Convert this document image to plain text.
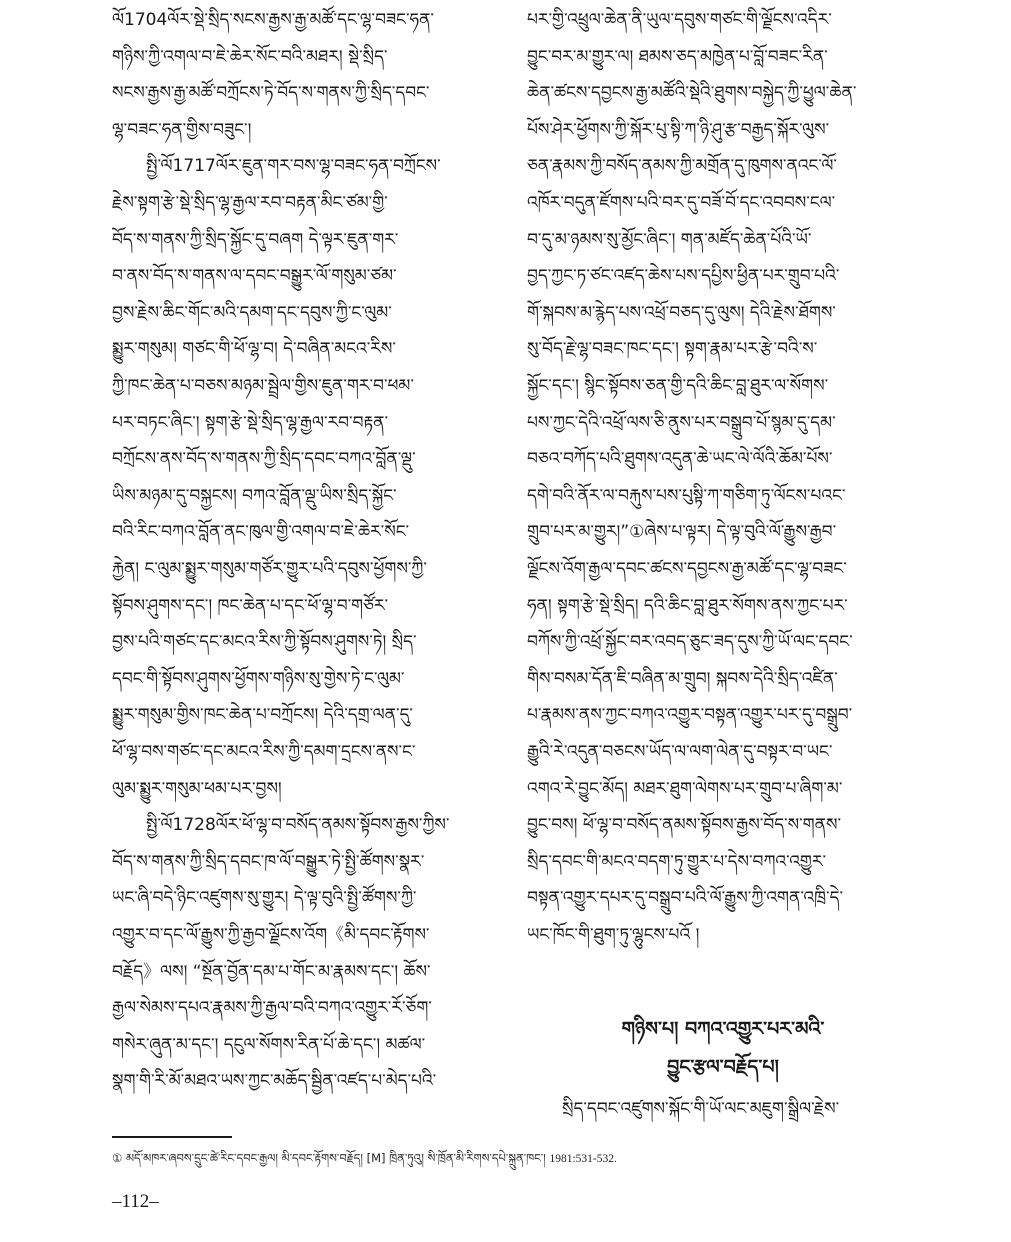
ལོ1704ལོར་སྡེ་སྲིད་སངས་རྒྱས་རྒྱ་མཚོ་དང་ལྷ་བཟང་ཧན་
གཉིས་ཀྱི་འགལ་བ་ཇེ་ཆེར་སོང་བའི་མཐར། སྡེ་སྲིད་
སངས་རྒྱས་རྒྱ་མཚོ་བཀྲོངས་ཏེ་བོད་ས་གནས་ཀྱི་སྲིད་དབང་
ལྷ་བཟང་ཧན་གྱིས་བཟུང་།
སྤྱི་ལོ1717ལོར་ཇུན་གར་བས་ལྷ་བཟང་ཧན་བཀྲོངས་
རྗེས་སྟག་རྩེ་སྡེ་སྲིད་ལྷ་རྒྱལ་རབ་བརྟན་མིང་ཙམ་གྱི་
བོད་ས་གནས་ཀྱི་སྲིད་སྐྱོང་དུ་བཞག དེ་ལྟར་ཇུན་གར་
བ་ནས་བོད་ས་གནས་ལ་དབང་བསྒྱུར་ལོ་གསུམ་ཙམ་
བྱས་རྗེས་ཆིང་གོང་མའི་དམག་དང་དབུས་ཀྱི་ང་ལུམ་
སྨྱུར་གསུམ། གཙང་གི་ཕོ་ལྷ་བ། དེ་བཞིན་མངའ་རིས་
ཀྱི་ཁང་ཆེན་པ་བཅས་མཉམ་སྦྲེལ་གྱིས་ཇུན་གར་བ་ཕམ་
པར་བཏང་ཞིང་། སྟག་རྩེ་སྡེ་སྲིད་ལྷ་རྒྱལ་རབ་བརྟན་
བཀྲོངས་ནས་བོད་ས་གནས་ཀྱི་སྲིད་དབང་བཀའ་བློན་ལྡུ་
ཡིས་མཉམ་དུ་བསྐྱངས། བཀའ་བློན་ལྡུ་ཡིས་སྲིད་སྐྱོང་
བའི་རིང་བཀའ་བློན་ནང་ཁུལ་གྱི་འགལ་བ་ཇེ་ཆེར་སོང་
རྐྱེན། ང་ལུམ་སྨྱུར་གསུམ་གཙོར་གྱུར་པའི་དབུས་ཕྱོགས་ཀྱི་
སྟོབས་ཤུགས་དང་། ཁང་ཆེན་པ་དང་ཕོ་ལྷ་བ་གཙོར་
བྱས་པའི་གཙང་དང་མངའ་རིས་ཀྱི་སྟོབས་ཤུགས་ཏེ། སྲིད་
དབང་གི་སྟོབས་ཤུགས་ཕྱོགས་གཉིས་སུ་གྱེས་ཏེ་ང་ལུམ་
སྨྱུར་གསུམ་གྱིས་ཁང་ཆེན་པ་བཀྲོངས། དེའི་དགྲ་ལན་དུ་
ཕོ་ལྷ་བས་གཙང་དང་མངའ་རིས་ཀྱི་དམག་དྲངས་ནས་ང་
ལུམ་སྨྱུར་གསུམ་ཕམ་པར་བྱས།
སྤྱི་ལོ1728ལོར་ཕོ་ལྷ་བ་བསོད་ནམས་སྟོབས་རྒྱས་ཀྱིས་
བོད་ས་གནས་ཀྱི་སྲིད་དབང་ཁ་ལོ་བསྒྱུར་ཏེ་སྤྱི་ཚོགས་སྣར་
ཡང་ཞི་བདེ་ཉིང་འཛུགས་སུ་གྱུར། དེ་ལྟ་བུའི་སྤྱི་ཚོགས་ཀྱི་
འགྱུར་བ་དང་ལོ་རྒྱུས་ཀྱི་རྒྱབ་ལྗོངས་འོག《མི་དབང་རྟོགས་
བརྗོད》ལས། “སྔོན་བྱོན་དམ་པ་གོང་མ་རྣམས་དང་། ཆོས་
རྒྱལ་སེམས་དཔའ་རྣམས་ཀྱི་རྒྱལ་བའི་བཀའ་འགྱུར་རོ་ཅོག་
གསེར་ཞུན་མ་དང་། དངུལ་སོགས་རིན་པོ་ཆེ་དང་། མཚལ་
སྣག་གི་རི་མོ་མཐའ་ཡས་ཀྱང་མཆོད་སྦྱིན་འཛད་པ་མེད་པའི་
པར་གྱི་འཕྲུལ་ཆེན་ནི་ཡུལ་དབུས་གཙང་གི་ལྗོངས་འདིར་
བྱུང་བར་མ་གྱུར་ལ། ཐམས་ཅད་མཁྱེན་པ་བློ་བཟང་རིན་
ཆེན་ཚངས་དབྱངས་རྒྱ་མཚོའི་སྡེའི་ཐུགས་བསྐྱེད་ཀྱི་ཕྱུལ་ཆེན་
པོས་ཤེར་ཕྱོགས་ཀྱི་སྐོར་པུ་སྟི་ཀ་ཉི་ཤུ་རྩ་བརྒྱད་སྐོར་ལུས་
ཅན་རྣམས་ཀྱི་བསོད་ནམས་ཀྱི་མགྲོན་དུ་ཁུགས་ནའང་ལོ་
འཁོར་བདུན་ཛོགས་པའི་བར་དུ་བཟོ་བོ་དང་འབབས་ངལ་
བ་དུ་མ་ཉམས་སུ་མྱོང་ཞིང་། གན་མཛོད་ཆེན་པོའི་ཡོ་
བྱད་ཀྱང་ཏ་ཙང་འཛད་ཆེས་པས་དཔྱིས་ཕྱིན་པར་གྲུབ་པའི་
གོ་སྐབས་མ་རྙེད་པས་འཕྲོ་བཅད་དུ་ལུས། དེའི་རྗེས་ཐོགས་
སུ་བོད་རྗེ་ལྷ་བཟང་ཁང་དང་། སྟག་རྣམ་པར་རྩེ་བའི་ས་
སྐྱོང་དང་། སྙིང་སྟོབས་ཅན་གྱི་དའི་ཆིང་བླ་ཐུར་ལ་སོགས་
པས་ཀྱང་དེའི་འཕྲོ་ལས་ཅི་ནུས་པར་བསྒྲུབ་པོ་སྙམ་དུ་དམ་
བཅའ་བཀོད་པའི་ཐུགས་འདུན་ཆེ་ཡང་ལེ་ལོའི་ཆོམ་པོས་
དགེ་བའི་ནོར་ལ་བརྐུས་པས་པུསྟི་ཀ་གཅིག་ཏུ་ལོངས་པའང་
གྲུབ་པར་མ་གྱུར།”①ཞེས་པ་ལྟར། དེ་ལྟ་བུའི་ལོ་རྒྱུས་རྒྱབ་
ལྗོངས་འོག་རྒྱལ་དབང་ཚངས་དབྱངས་རྒྱ་མཚོ་དང་ལྷ་བཟང་
ཧན། སྟག་རྩེ་སྡེ་སྲིད། དའི་ཆིང་བླ་ཐུར་སོགས་ནས་ཀྱང་པར་
བཀོས་ཀྱི་འཕྲོ་སྐྱོང་བར་འབད་ཅུང་ཟད་དུས་ཀྱི་ཡོ་ལང་དབང་
གིས་བསམ་དོན་ཇི་བཞིན་མ་གྲུབ། སྐབས་དེའི་སྲིད་འཛིན་
པ་རྣམས་ནས་ཀྱང་བཀའ་འགྱུར་བསྟན་འགྱུར་པར་དུ་བསྒྲུབ་
རྒྱུའི་རེ་འདུན་བཅངས་ཡོད་ལ་ལག་ལེན་དུ་བསྟར་བ་ཡང་
འགའ་རེ་བྱུང་མོད། མཐར་ཐུག་ལེགས་པར་གྲུབ་པ་ཞིག་མ་
བྱུང་བས། ཕོ་ལྷ་བ་བསོད་ནམས་སྟོབས་རྒྱས་བོད་ས་གནས་
སྲིད་དབང་གི་མངའ་བདག་ཏུ་གྱུར་པ་དེས་བཀའ་འགྱུར་
བསྟན་འགྱུར་དཔར་དུ་བསྒྲུབ་པའི་ལོ་རྒྱུས་ཀྱི་འགན་འཁྲི་དེ་
ཡང་ཁོང་གི་ཐུག་ཏུ་ལྷུངས་པའོ །
གཉིས་པ། བཀའ་འགྱུར་པར་མའི་
བྱུང་རྩལ་བརྗོད་པ།
སྲིད་དབང་འཛུགས་སྐོང་གི་ཡོ་ལང་མཇུག་སྒྲིལ་རྗེས་
① མདོ་མཁར་ཞབས་དྲུང་ཚེ་རིང་དབང་རྒྱལ། མི་དབང་རྟོགས་བརྗོད། [M] ཁྲིན་ཏུའུ། སི་ཁྲོན་མི་རིགས་དཔེ་སྐྲུན་ཁང་། 1981:531-532.
–112–
